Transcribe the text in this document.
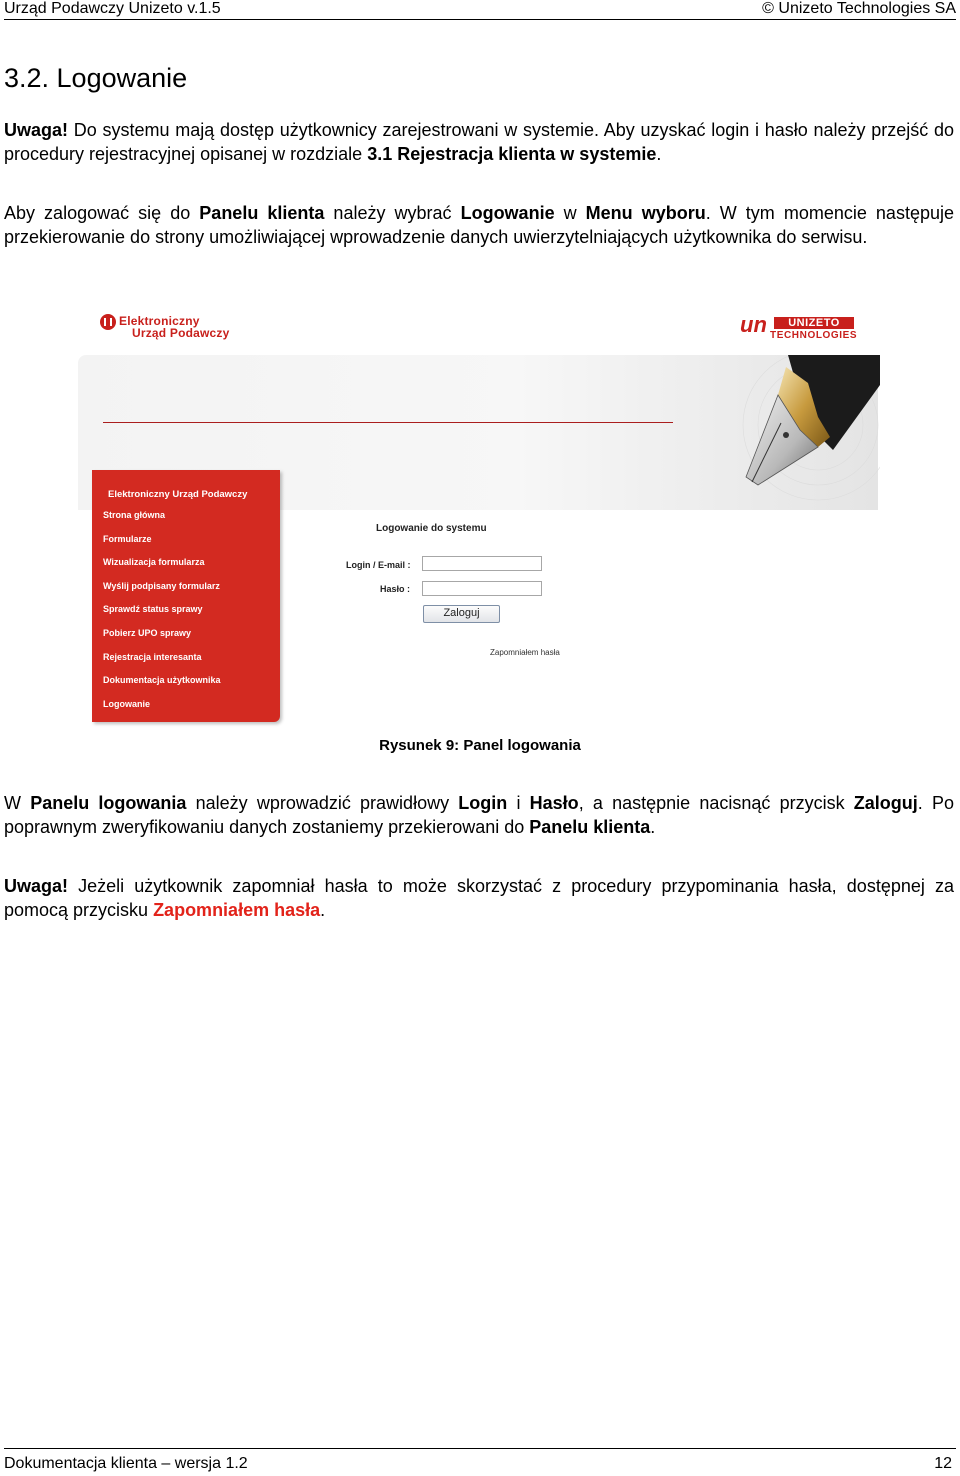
Urząd Podawczy Unizeto v.1.5	© Unizeto Technologies SA
3.2. Logowanie
Uwaga! Do systemu mają dostęp użytkownicy zarejestrowani w systemie. Aby uzyskać login i hasło należy przejść do procedury rejestracyjnej opisanej w rozdziale 3.1 Rejestracja klienta w systemie.
Aby zalogować się do Panelu klienta należy wybrać Logowanie w Menu wyboru. W tym momencie następuje przekierowanie do strony umożliwiającej wprowadzenie danych uwierzytelniających użytkownika do serwisu.
Elektroniczny
Urząd Podawczy	un	UNIZETO
TECHNOLOGIES
Elektroniczny Urząd Podawczy
Strona główna
Formularze
Wizualizacja formularza
Wyślij podpisany formularz
Sprawdź status sprawy
Pobierz UPO sprawy
Rejestracja interesanta
Dokumentacja użytkownika
Logowanie
Logowanie do systemu
Login / E-mail :
Hasło :
Zaloguj
Zapomniałem hasła
Rysunek 9: Panel logowania
W Panelu logowania należy wprowadzić prawidłowy Login i Hasło, a następnie nacisnąć przycisk Zaloguj. Po poprawnym zweryfikowaniu danych zostaniemy przekierowani do Panelu klienta.
Uwaga! Jeżeli użytkownik zapomniał hasła to może skorzystać z procedury przypominania hasła, dostępnej za pomocą przycisku Zapomniałem hasła.
Dokumentacja klienta – wersja 1.2	12
